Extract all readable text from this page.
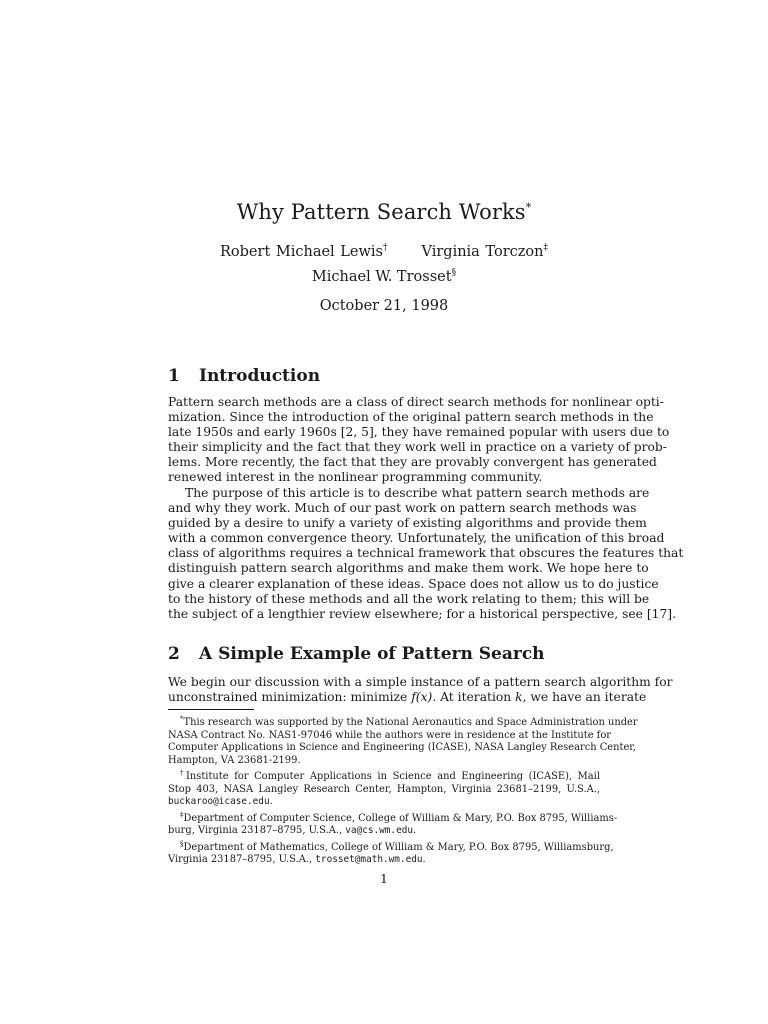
Why Pattern Search Works*
Robert Michael Lewis† Virginia Torczon‡
Michael W. Trosset§
October 21, 1998
1 Introduction
Pattern search methods are a class of direct search methods for nonlinear opti-
mization. Since the introduction of the original pattern search methods in the
late 1950s and early 1960s [2, 5], they have remained popular with users due to
their simplicity and the fact that they work well in practice on a variety of prob-
lems. More recently, the fact that they are provably convergent has generated
renewed interest in the nonlinear programming community.
The purpose of this article is to describe what pattern search methods are
and why they work. Much of our past work on pattern search methods was
guided by a desire to unify a variety of existing algorithms and provide them
with a common convergence theory. Unfortunately, the unification of this broad
class of algorithms requires a technical framework that obscures the features that
distinguish pattern search algorithms and make them work. We hope here to
give a clearer explanation of these ideas. Space does not allow us to do justice
to the history of these methods and all the work relating to them; this will be
the subject of a lengthier review elsewhere; for a historical perspective, see [17].
2 A Simple Example of Pattern Search
We begin our discussion with a simple instance of a pattern search algorithm for
unconstrained minimization: minimize f(x). At iteration k, we have an iterate
*This research was supported by the National Aeronautics and Space Administration under
NASA Contract No. NAS1-97046 while the authors were in residence at the Institute for
Computer Applications in Science and Engineering (ICASE), NASA Langley Research Center,
Hampton, VA 23681-2199.
†Institute for Computer Applications in Science and Engineering (ICASE), Mail
Stop 403, NASA Langley Research Center, Hampton, Virginia 23681–2199, U.S.A.,
buckaroo@icase.edu.
‡Department of Computer Science, College of William & Mary, P.O. Box 8795, Williams-
burg, Virginia 23187–8795, U.S.A., va@cs.wm.edu.
§Department of Mathematics, College of William & Mary, P.O. Box 8795, Williamsburg,
Virginia 23187–8795, U.S.A., trosset@math.wm.edu.
1
